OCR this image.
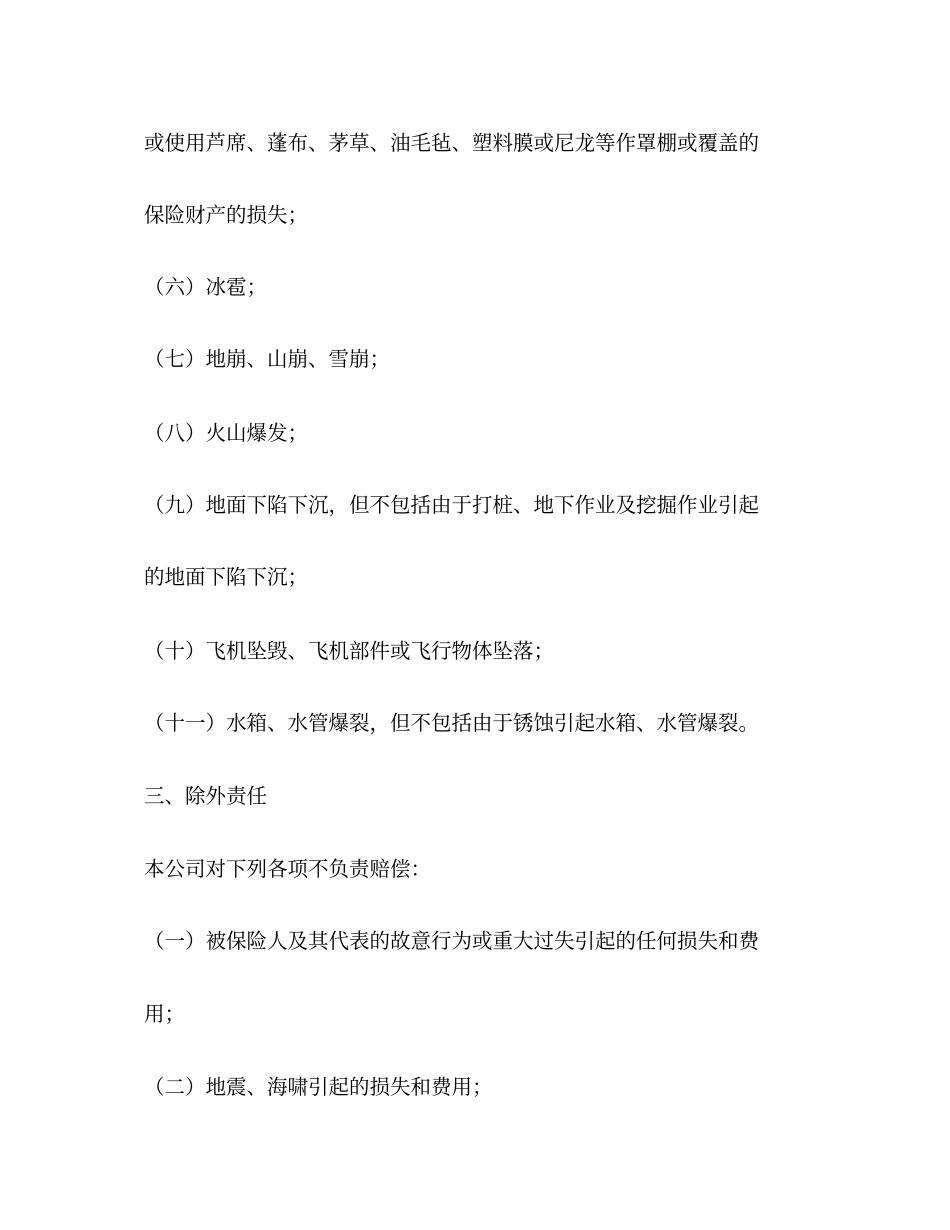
或使用芦席、蓬布、茅草、油毛毡、塑料膜或尼龙等作罩棚或覆盖的

保险财产的损失；

（六）冰雹；

（七）地崩、山崩、雪崩；

（八）火山爆发；

（九）地面下陷下沉，但不包括由于打桩、地下作业及挖掘作业引起

的地面下陷下沉；

（十）飞机坠毁、飞机部件或飞行物体坠落；

（十一）水箱、水管爆裂，但不包括由于锈蚀引起水箱、水管爆裂。

三、除外责任

本公司对下列各项不负责赔偿：

（一）被保险人及其代表的故意行为或重大过失引起的任何损失和费

用；

（二）地震、海啸引起的损失和费用；
